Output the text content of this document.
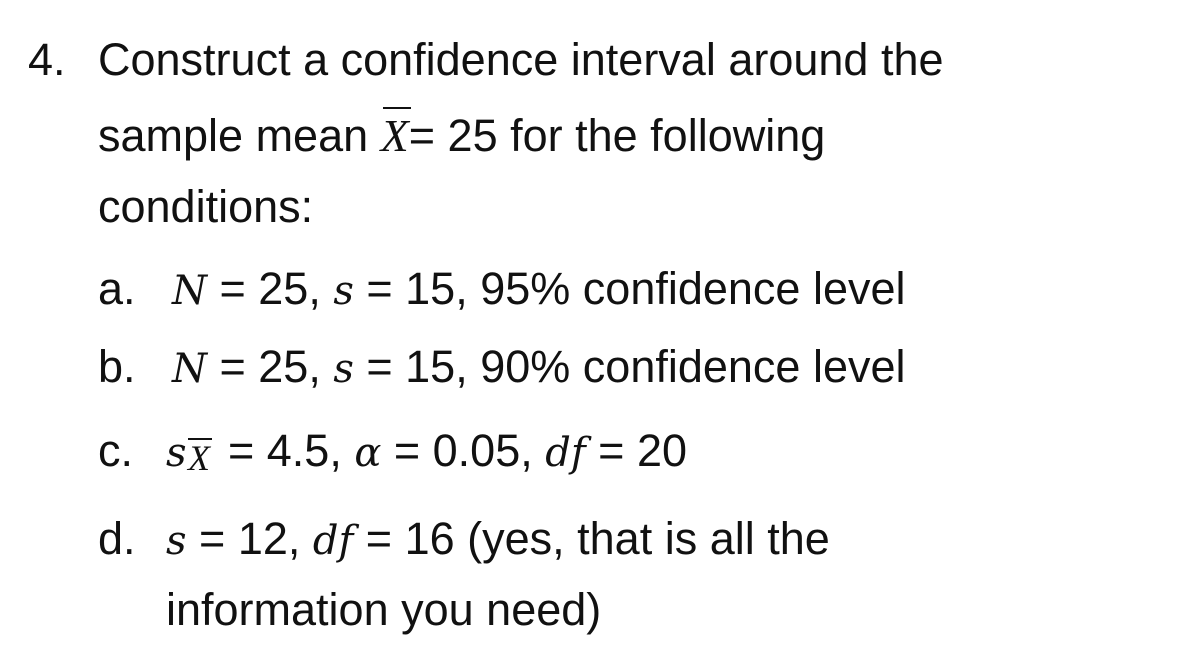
4. Construct a confidence interval around the
sample mean X= 25 for the following
conditions:
a. N = 25, s = 15, 95% confidence level
b. N = 25, s = 15, 90% confidence level
c. s X = 4.5, α = 0.05, df = 20
d. s = 12, df = 16 (yes, that is all the
information you need)
